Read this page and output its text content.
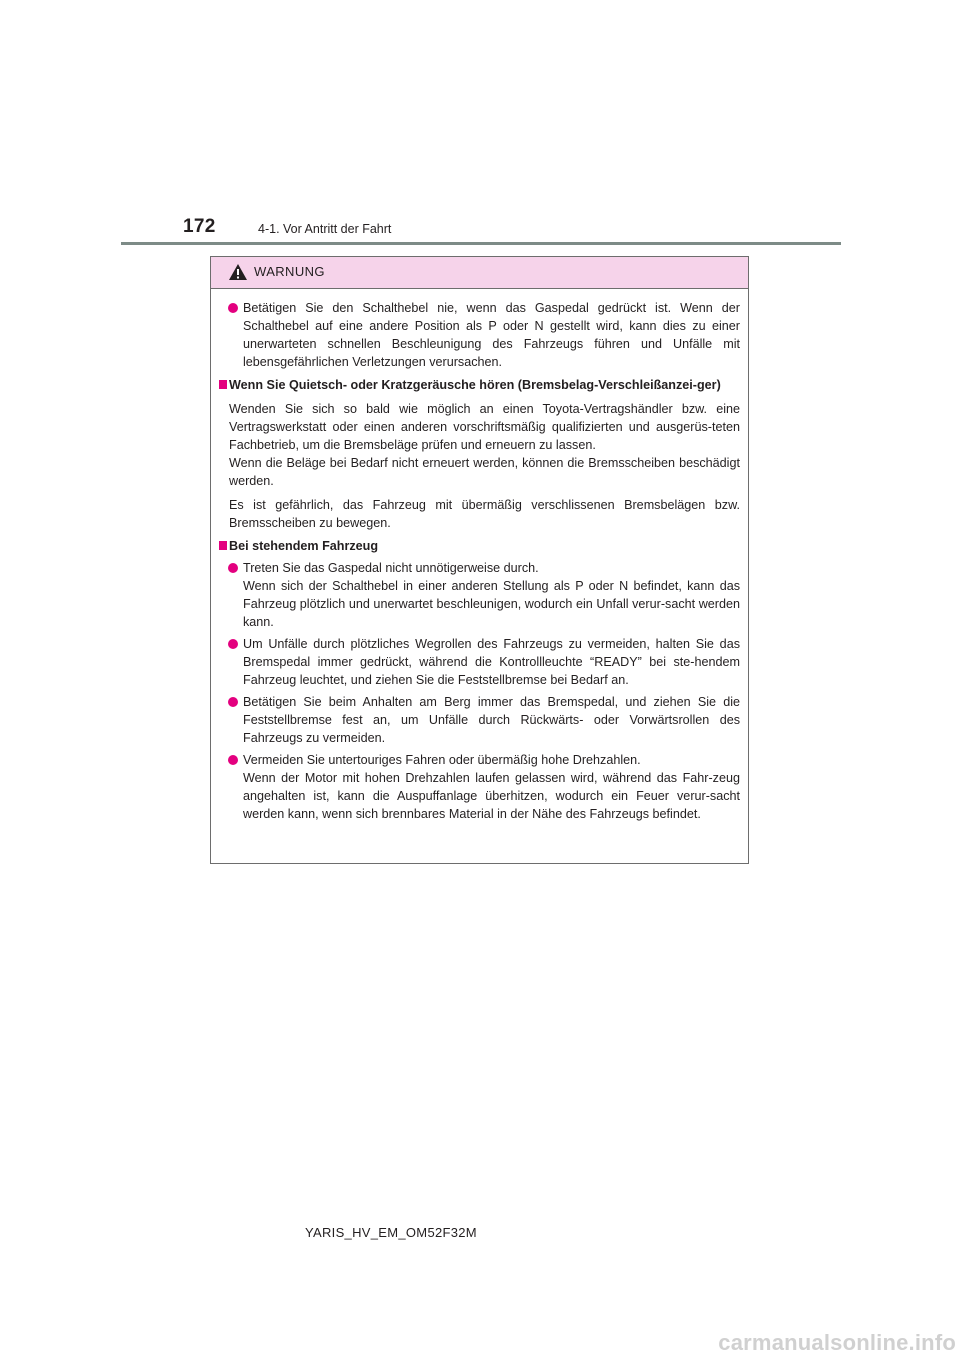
172	4-1. Vor Antritt der Fahrt
WARNUNG

Betätigen Sie den Schalthebel nie, wenn das Gaspedal gedrückt ist. Wenn der Schalthebel auf eine andere Position als P oder N gestellt wird, kann dies zu einer unerwarteten schnellen Beschleunigung des Fahrzeugs führen und Unfälle mit lebensgefährlichen Verletzungen verursachen.

Wenn Sie Quietsch- oder Kratzgeräusche hören (Bremsbelag-Verschleißanzei-ger)

Wenden Sie sich so bald wie möglich an einen Toyota-Vertragshändler bzw. eine Vertragswerkstatt oder einen anderen vorschriftsmäßig qualifizierten und ausgerüs-teten Fachbetrieb, um die Bremsbeläge prüfen und erneuern zu lassen.

Wenn die Beläge bei Bedarf nicht erneuert werden, können die Bremsscheiben beschädigt werden.

Es ist gefährlich, das Fahrzeug mit übermäßig verschlissenen Bremsbelägen bzw. Bremsscheiben zu bewegen.

Bei stehendem Fahrzeug

Treten Sie das Gaspedal nicht unnötigerweise durch.

Wenn sich der Schalthebel in einer anderen Stellung als P oder N befindet, kann das Fahrzeug plötzlich und unerwartet beschleunigen, wodurch ein Unfall verur-sacht werden kann.

Um Unfälle durch plötzliches Wegrollen des Fahrzeugs zu vermeiden, halten Sie das Bremspedal immer gedrückt, während die Kontrollleuchte “READY” bei ste-hendem Fahrzeug leuchtet, und ziehen Sie die Feststellbremse bei Bedarf an.

Betätigen Sie beim Anhalten am Berg immer das Bremspedal, und ziehen Sie die Feststellbremse fest an, um Unfälle durch Rückwärts- oder Vorwärtsrollen des Fahrzeugs zu vermeiden.

Vermeiden Sie untertouriges Fahren oder übermäßig hohe Drehzahlen.

Wenn der Motor mit hohen Drehzahlen laufen gelassen wird, während das Fahr-zeug angehalten ist, kann die Auspuffanlage überhitzen, wodurch ein Feuer verur-sacht werden kann, wenn sich brennbares Material in der Nähe des Fahrzeugs befindet.

YARIS_HV_EM_OM52F32M
carmanualsonline.info
